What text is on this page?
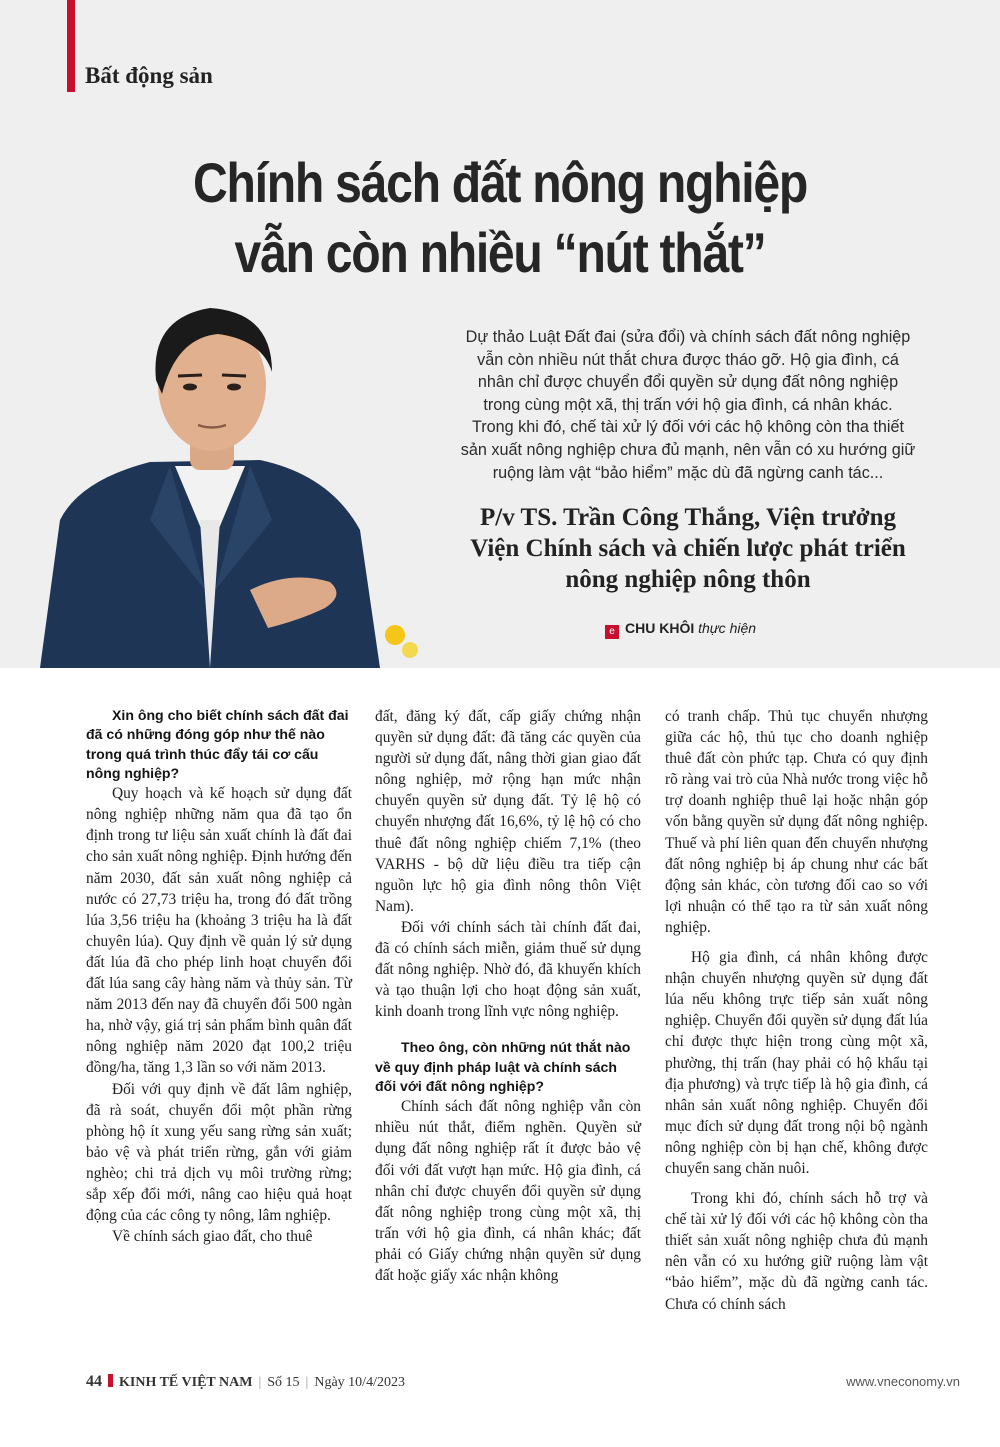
Bất động sản
Chính sách đất nông nghiệp
vẫn còn nhiều “nút thắt”
Dự thảo Luật Đất đai (sửa đổi) và chính sách đất nông nghiệp
vẫn còn nhiều nút thắt chưa được tháo gỡ. Hộ gia đình, cá
nhân chỉ được chuyển đổi quyền sử dụng đất nông nghiệp
trong cùng một xã, thị trấn với hộ gia đình, cá nhân khác.
Trong khi đó, chế tài xử lý đối với các hộ không còn tha thiết
sản xuất nông nghiệp chưa đủ mạnh, nên vẫn có xu hướng giữ
ruộng làm vật “bảo hiểm” mặc dù đã ngừng canh tác...
P/v TS. Trần Công Thắng, Viện trưởng
Viện Chính sách và chiến lược phát triển
nông nghiệp nông thôn
e CHU KHÔI thực hiện

Xin ông cho biết chính sách đất đai đã có những đóng góp như thế nào trong quá trình thúc đẩy tái cơ cấu nông nghiệp?

Quy hoạch và kế hoạch sử dụng đất nông nghiệp những năm qua đã tạo ổn định trong tư liệu sản xuất chính là đất đai cho sản xuất nông nghiệp. Định hướng đến năm 2030, đất sản xuất nông nghiệp cả nước có 27,73 triệu ha, trong đó đất trồng lúa 3,56 triệu ha (khoảng 3 triệu ha là đất chuyên lúa). Quy định về quản lý sử dụng đất lúa đã cho phép linh hoạt chuyển đổi đất lúa sang cây hàng năm và thủy sản. Từ năm 2013 đến nay đã chuyển đổi 500 ngàn ha, nhờ vậy, giá trị sản phẩm bình quân đất nông nghiệp năm 2020 đạt 100,2 triệu đồng/ha, tăng 1,3 lần so với năm 2013.

Đối với quy định về đất lâm nghiệp, đã rà soát, chuyển đổi một phần rừng phòng hộ ít xung yếu sang rừng sản xuất; bảo vệ và phát triển rừng, gắn với giảm nghèo; chi trả dịch vụ môi trường rừng; sắp xếp đổi mới, nâng cao hiệu quả hoạt động của các công ty nông, lâm nghiệp.

Về chính sách giao đất, cho thuê

đất, đăng ký đất, cấp giấy chứng nhận quyền sử dụng đất: đã tăng các quyền của người sử dụng đất, nâng thời gian giao đất nông nghiệp, mở rộng hạn mức nhận chuyển quyền sử dụng đất. Tỷ lệ hộ có chuyển nhượng đất 16,6%, tỷ lệ hộ có cho thuê đất nông nghiệp chiếm 7,1% (theo VARHS - bộ dữ liệu điều tra tiếp cận nguồn lực hộ gia đình nông thôn Việt Nam).

Đối với chính sách tài chính đất đai, đã có chính sách miễn, giảm thuế sử dụng đất nông nghiệp. Nhờ đó, đã khuyến khích và tạo thuận lợi cho hoạt động sản xuất, kinh doanh trong lĩnh vực nông nghiệp.

Theo ông, còn những nút thắt nào về quy định pháp luật và chính sách đối với đất nông nghiệp?

Chính sách đất nông nghiệp vẫn còn nhiều nút thắt, điểm nghẽn. Quyền sử dụng đất nông nghiệp rất ít được bảo vệ đối với đất vượt hạn mức. Hộ gia đình, cá nhân chỉ được chuyển đổi quyền sử dụng đất nông nghiệp trong cùng một xã, thị trấn với hộ gia đình, cá nhân khác; đất phải có Giấy chứng nhận quyền sử dụng đất hoặc giấy xác nhận không

có tranh chấp. Thủ tục chuyển nhượng giữa các hộ, thủ tục cho doanh nghiệp thuê đất còn phức tạp. Chưa có quy định rõ ràng vai trò của Nhà nước trong việc hỗ trợ doanh nghiệp thuê lại hoặc nhận góp vốn bằng quyền sử dụng đất nông nghiệp. Thuế và phí liên quan đến chuyển nhượng đất nông nghiệp bị áp chung như các bất động sản khác, còn tương đối cao so với lợi nhuận có thể tạo ra từ sản xuất nông nghiệp.

Hộ gia đình, cá nhân không được nhận chuyển nhượng quyền sử dụng đất lúa nếu không trực tiếp sản xuất nông nghiệp. Chuyển đổi quyền sử dụng đất lúa chỉ được thực hiện trong cùng một xã, phường, thị trấn (hay phải có hộ khẩu tại địa phương) và trực tiếp là hộ gia đình, cá nhân sản xuất nông nghiệp. Chuyển đổi mục đích sử dụng đất trong nội bộ ngành nông nghiệp còn bị hạn chế, không được chuyển sang chăn nuôi.

Trong khi đó, chính sách hỗ trợ và chế tài xử lý đối với các hộ không còn tha thiết sản xuất nông nghiệp chưa đủ mạnh nên vẫn có xu hướng giữ ruộng làm vật “bảo hiểm”, mặc dù đã ngừng canh tác. Chưa có chính sách

44 KINH TẾ VIỆT NAM | Số 15 | Ngày 10/4/2023	www.vneconomy.vn
